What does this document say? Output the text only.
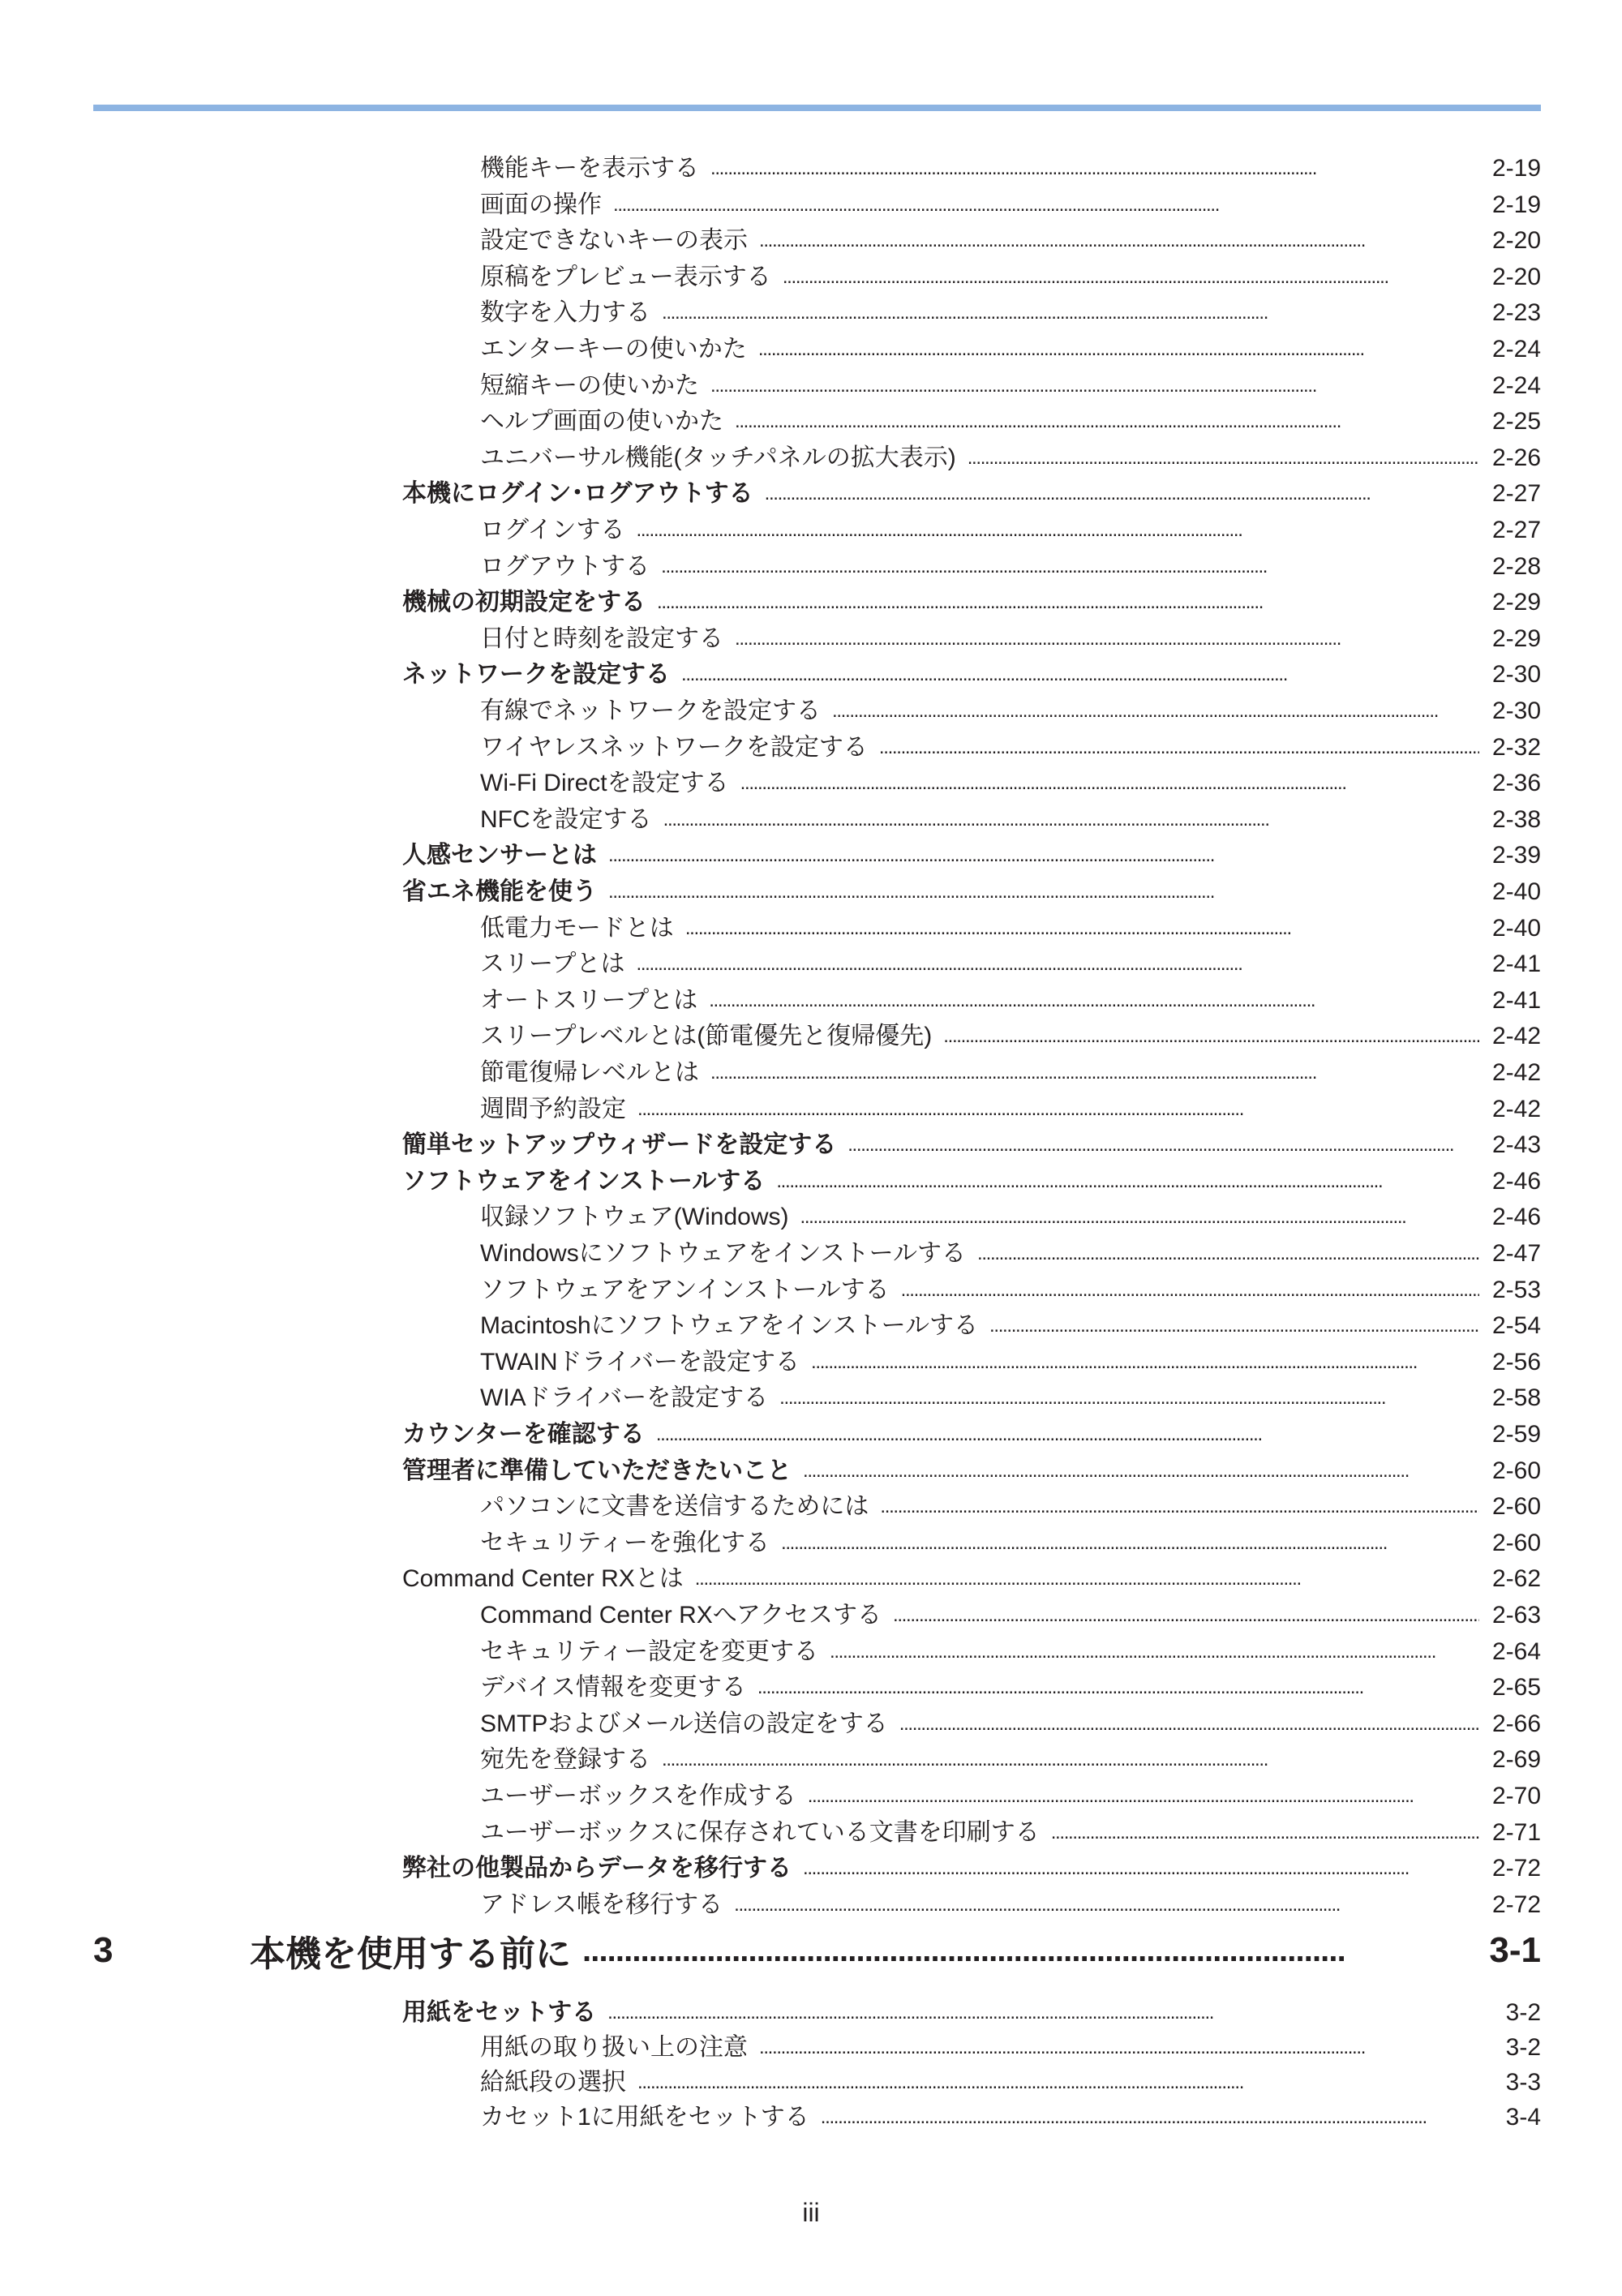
機能キーを表示する . . .	2-19
画面の操作 . . .	2-19
設定できないキーの表示 . . .	2-20
原稿をプレビュー表示する . . .	2-20
数字を入力する . . .	2-23
エンターキーの使いかた . . .	2-24
短縮キーの使いかた . . .	2-24
ヘルプ画面の使いかた . . .	2-25
ユニバーサル機能(タッチパネルの拡大表示) . . .	2-26
本機にログイン･ログアウトする . . .	2-27
ログインする . . .	2-27
ログアウトする . . .	2-28
機械の初期設定をする . . .	2-29
日付と時刻を設定する . . .	2-29
ネットワークを設定する . . .	2-30
有線でネットワークを設定する . . .	2-30
ワイヤレスネットワークを設定する . . .	2-32
Wi-Fi Directを設定する . . .	2-36
NFCを設定する . . .	2-38
人感センサーとは . . .	2-39
省エネ機能を使う . . .	2-40
低電力モードとは . . .	2-40
スリープとは . . .	2-41
オートスリープとは . . .	2-41
スリープレベルとは(節電優先と復帰優先) . . .	2-42
節電復帰レベルとは . . .	2-42
週間予約設定 . . .	2-42
簡単セットアップウィザードを設定する . . .	2-43
ソフトウェアをインストールする . . .	2-46
収録ソフトウェア(Windows) . . .	2-46
Windowsにソフトウェアをインストールする . . .	2-47
ソフトウェアをアンインストールする . . .	2-53
Macintoshにソフトウェアをインストールする . . .	2-54
TWAINドライバーを設定する . . .	2-56
WIAドライバーを設定する . . .	2-58
カウンターを確認する . . .	2-59
管理者に準備していただきたいこと . . .	2-60
パソコンに文書を送信するためには . . .	2-60
セキュリティーを強化する . . .	2-60
Command Center RXとは . . .	2-62
Command Center RXへアクセスする . . .	2-63
セキュリティー設定を変更する . . .	2-64
デバイス情報を変更する . . .	2-65
SMTPおよびメール送信の設定をする . . .	2-66
宛先を登録する . . .	2-69
ユーザーボックスを作成する . . .	2-70
ユーザーボックスに保存されている文書を印刷する . . .	2-71
弊社の他製品からデータを移行する . . .	2-72
アドレス帳を移行する . . .	2-72
3	本機を使用する前に . . .	3-1
用紙をセットする . . .	3-2
用紙の取り扱い上の注意 . . .	3-2
給紙段の選択 . . .	3-3
カセット1に用紙をセットする . . .	3-4
iii
